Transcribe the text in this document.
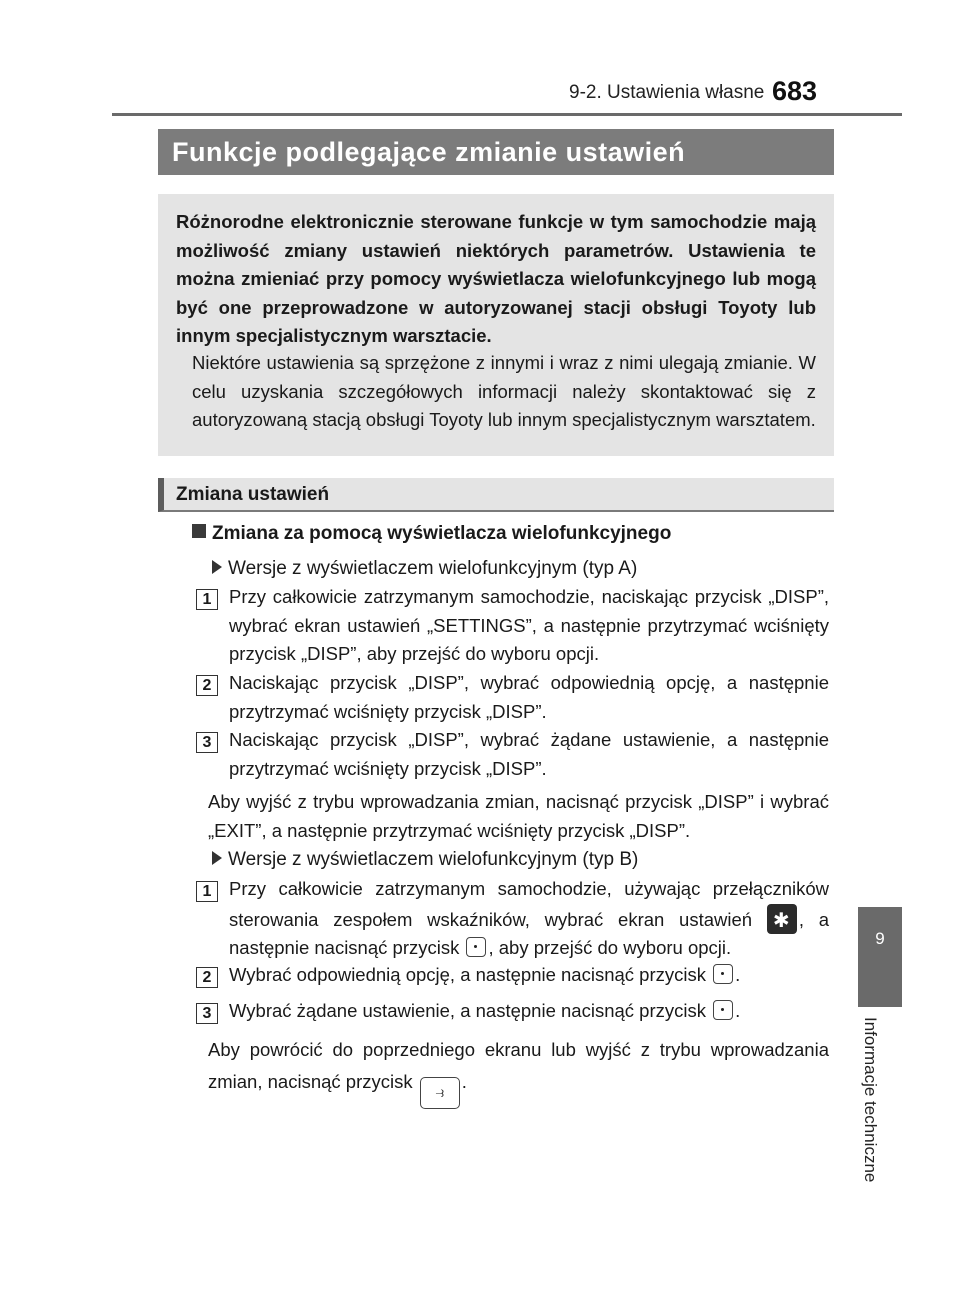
9-2. Ustawienia własne 683
Funkcje podlegające zmianie ustawień
Różnorodne elektronicznie sterowane funkcje w tym samochodzie mają możliwość zmiany ustawień niektórych parametrów. Ustawienia te można zmieniać przy pomocy wyświetlacza wielofunkcyjnego lub mogą być one przeprowadzone w autoryzowanej stacji obsługi Toyoty lub innym specjalistycznym warsztacie.
Niektóre ustawienia są sprzężone z innymi i wraz z nimi ulegają zmianie. W celu uzyskania szczegółowych informacji należy skontaktować się z autoryzowaną stacją obsługi Toyoty lub innym specjalistycznym warsztatem.
Zmiana ustawień
Zmiana za pomocą wyświetlacza wielofunkcyjnego
Wersje z wyświetlaczem wielofunkcyjnym (typ A)
1 Przy całkowicie zatrzymanym samochodzie, naciskając przycisk „DISP”, wybrać ekran ustawień „SETTINGS”, a następnie przytrzymać wciśnięty przycisk „DISP”, aby przejść do wyboru opcji.
2 Naciskając przycisk „DISP”, wybrać odpowiednią opcję, a następnie przytrzymać wciśnięty przycisk „DISP”.
3 Naciskając przycisk „DISP”, wybrać żądane ustawienie, a następnie przytrzymać wciśnięty przycisk „DISP”.
Aby wyjść z trybu wprowadzania zmian, nacisnąć przycisk „DISP” i wybrać „EXIT”, a następnie przytrzymać wciśnięty przycisk „DISP”.
Wersje z wyświetlaczem wielofunkcyjnym (typ B)
1 Przy całkowicie zatrzymanym samochodzie, używając przełączników sterowania zespołem wskaźników, wybrać ekran ustawień ✱	, a następnie nacisnąć przycisk , aby przejść do wyboru opcji.
2 Wybrać odpowiednią opcję, a następnie nacisnąć przycisk .
3 Wybrać żądane ustawienie, a następnie nacisnąć przycisk .
Aby powrócić do poprzedniego ekranu lub wyjść z trybu wprowadzania zmian, nacisnąć przycisk ⥽ .
9
Informacje techniczne
